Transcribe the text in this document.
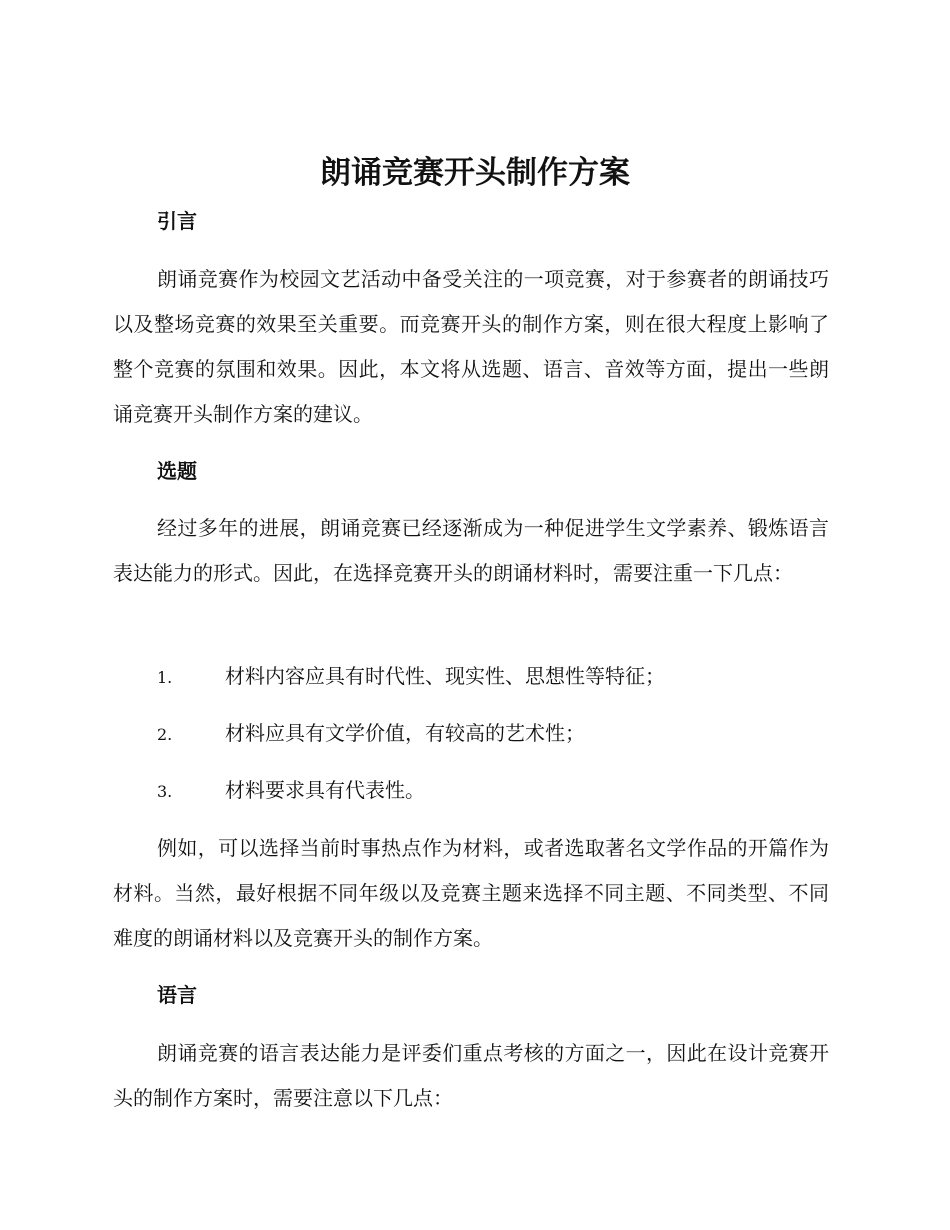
朗诵竞赛开头制作方案
引言

朗诵竞赛作为校园文艺活动中备受关注的一项竞赛，对于参赛者的朗诵技巧以及整场竞赛的效果至关重要。而竞赛开头的制作方案，则在很大程度上影响了整个竞赛的氛围和效果。因此，本文将从选题、语言、音效等方面，提出一些朗诵竞赛开头制作方案的建议。

选题

经过多年的进展，朗诵竞赛已经逐渐成为一种促进学生文学素养、锻炼语言表达能力的形式。因此，在选择竞赛开头的朗诵材料时，需要注重一下几点：

1.	材料内容应具有时代性、现实性、思想性等特征；
2.	材料应具有文学价值，有较高的艺术性；
3.	材料要求具有代表性。

例如，可以选择当前时事热点作为材料，或者选取著名文学作品的开篇作为材料。当然，最好根据不同年级以及竞赛主题来选择不同主题、不同类型、不同难度的朗诵材料以及竞赛开头的制作方案。

语言

朗诵竞赛的语言表达能力是评委们重点考核的方面之一，因此在设计竞赛开头的制作方案时，需要注意以下几点：
